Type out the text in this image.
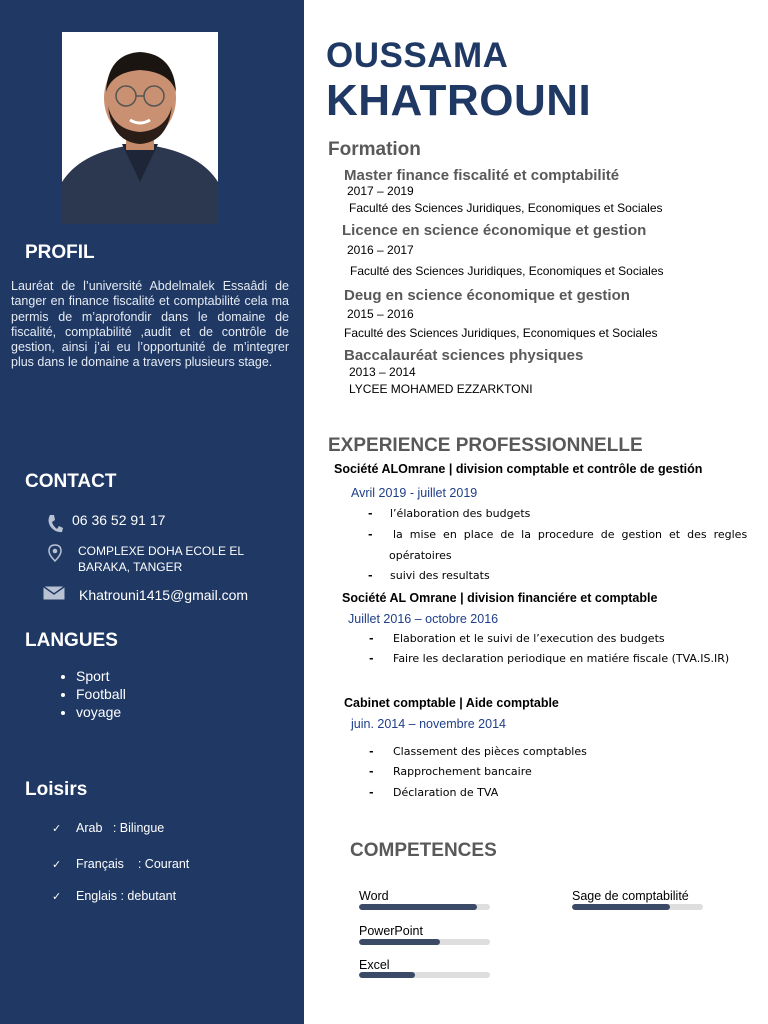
PROFIL

Lauréat de l’université Abdelmalek Essaâdi de tanger en finance fiscalité et comptabilité cela ma permis de m’aprofondir dans le domaine de fiscalité, comptabilité ,audit et de contrôle de gestion, ainsi j’ai eu l’opportunité de m’integrer plus dans le domaine a travers plusieurs stage.

CONTACT
06 36 52 91 17
COMPLEXE DOHA ECOLE EL
BARAKA, TANGER
Khatrouni1415@gmail.com
LANGUES
• Sport
• Football
• voyage
Loisirs
✓ Arab : Bilingue
✓ Français : Courant
✓ Englais : debutant
OUSSAMA
KHATROUNI
Formation
Master finance fiscalité et comptabilité
2017 – 2019
Faculté des Sciences Juridiques, Economiques et Sociales
Licence en science économique et gestion
2016 – 2017
Faculté des Sciences Juridiques, Economiques et Sociales
Deug en science économique et gestion
2015 – 2016
Faculté des Sciences Juridiques, Economiques et Sociales
Baccalauréat sciences physiques
2013 – 2014
LYCEE MOHAMED EZZARKTONI
EXPERIENCE PROFESSIONNELLE
Société ALOmrane | division comptable et contrôle de gestión
Avril 2019 - juillet 2019
- l’élaboration des budgets
- la mise en place de la procedure de gestion et des regles
opératoires
- suivi des resultats
Société AL Omrane | division financiére et comptable
Juillet 2016 – octobre 2016
- Elaboration et le suivi de l’execution des budgets
- Faire les declaration periodique en matiére fiscale (TVA.IS.IR)
Cabinet comptable | Aide comptable
juin. 2014 – novembre 2014
- Classement des pièces comptables
- Rapprochement bancaire
- Déclaration de TVA
COMPETENCES
Word
PowerPoint
Excel
Sage de comptabilité
